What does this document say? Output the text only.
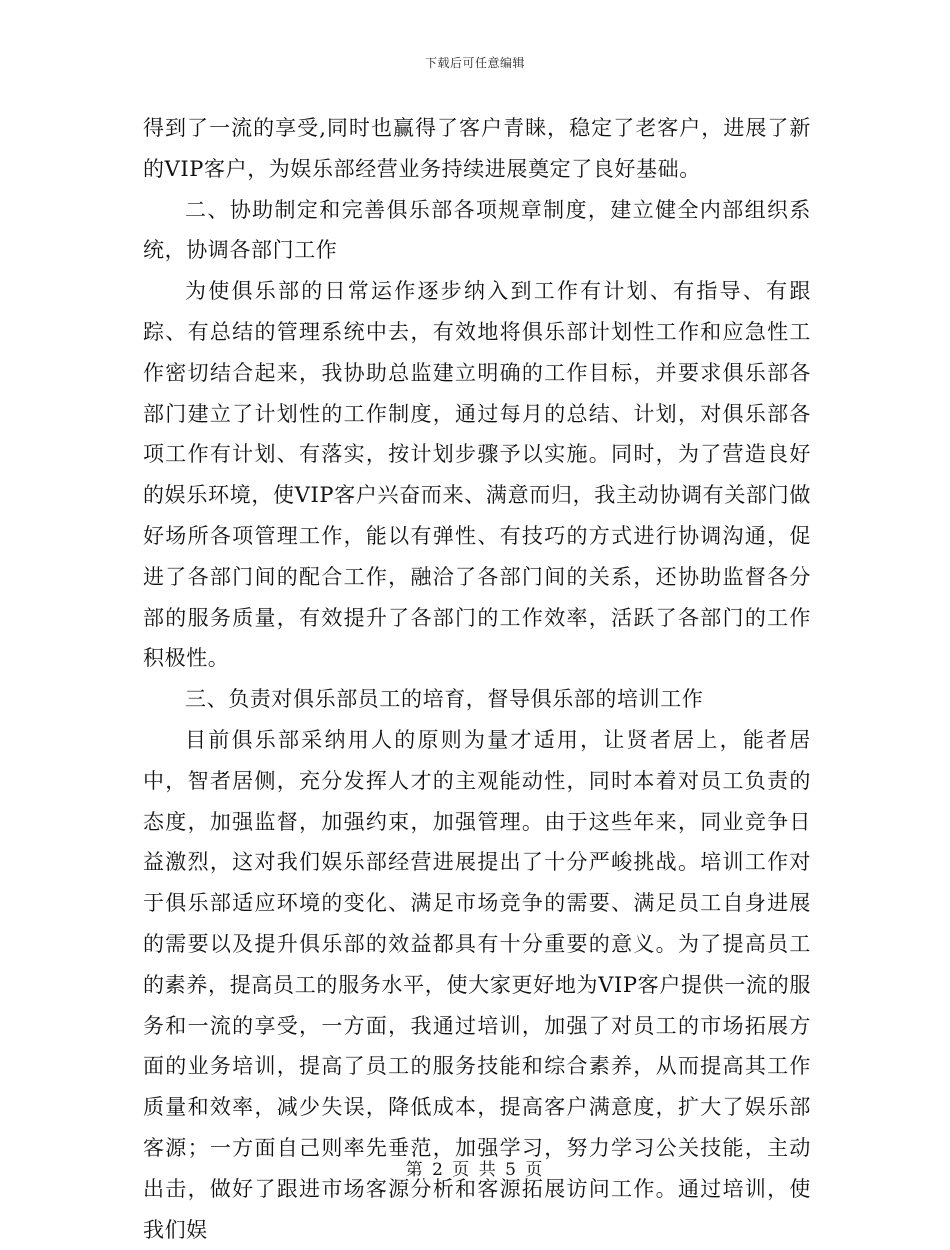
下载后可任意编辑

得到了一流的享受,同时也赢得了客户青睐，稳定了老客户，进展了新的VIP客户，为娱乐部经营业务持续进展奠定了良好基础。

二、协助制定和完善俱乐部各项规章制度，建立健全内部组织系统，协调各部门工作

为使俱乐部的日常运作逐步纳入到工作有计划、有指导、有跟踪、有总结的管理系统中去，有效地将俱乐部计划性工作和应急性工作密切结合起来，我协助总监建立明确的工作目标，并要求俱乐部各部门建立了计划性的工作制度，通过每月的总结、计划，对俱乐部各项工作有计划、有落实，按计划步骤予以实施。同时，为了营造良好的娱乐环境，使VIP客户兴奋而来、满意而归，我主动协调有关部门做好场所各项管理工作，能以有弹性、有技巧的方式进行协调沟通，促进了各部门间的配合工作，融洽了各部门间的关系，还协助监督各分部的服务质量，有效提升了各部门的工作效率，活跃了各部门的工作积极性。

三、负责对俱乐部员工的培育，督导俱乐部的培训工作

目前俱乐部采纳用人的原则为量才适用，让贤者居上，能者居中，智者居侧，充分发挥人才的主观能动性，同时本着对员工负责的态度，加强监督，加强约束，加强管理。由于这些年来，同业竞争日益激烈，这对我们娱乐部经营进展提出了十分严峻挑战。培训工作对于俱乐部适应环境的变化、满足市场竞争的需要、满足员工自身进展的需要以及提升俱乐部的效益都具有十分重要的意义。为了提高员工的素养，提高员工的服务水平，使大家更好地为VIP客户提供一流的服务和一流的享受，一方面，我通过培训，加强了对员工的市场拓展方面的业务培训，提高了员工的服务技能和综合素养，从而提高其工作质量和效率，减少失误，降低成本，提高客户满意度，扩大了娱乐部客源；一方面自己则率先垂范，加强学习，努力学习公关技能，主动出击，做好了跟进市场客源分析和客源拓展访问工作。通过培训，使我们娱

第 2 页 共 5 页
